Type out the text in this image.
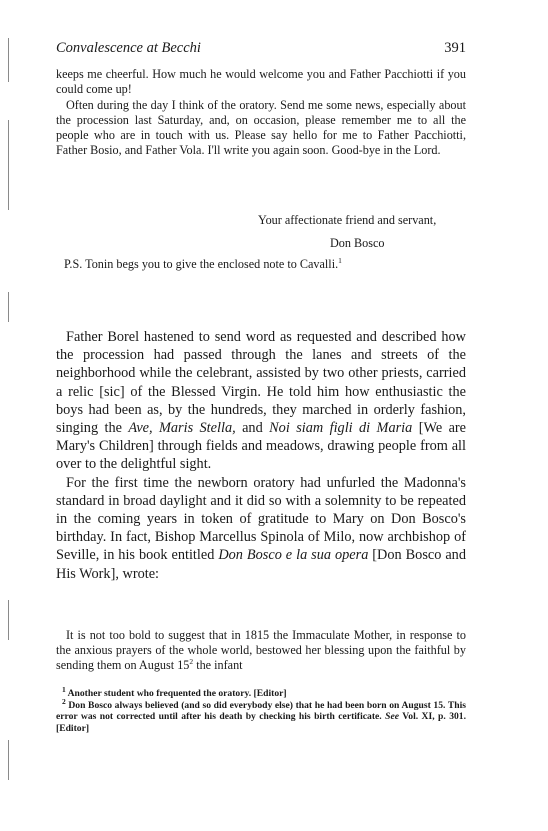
Convalescence at Becchi	391

keeps me cheerful. How much he would welcome you and Father Pacchiotti if you could come up!

Often during the day I think of the oratory. Send me some news, especially about the procession last Saturday, and, on occasion, please remember me to all the people who are in touch with us. Please say hello for me to Father Pacchiotti, Father Bosio, and Father Vola. I'll write you again soon. Good-bye in the Lord.

Your affectionate friend and servant,
Don Bosco
P.S. Tonin begs you to give the enclosed note to Cavalli.$^1$

Father Borel hastened to send word as requested and described how the procession had passed through the lanes and streets of the neighborhood while the celebrant, assisted by two other priests, carried a relic [sic] of the Blessed Virgin. He told him how enthusiastic the boys had been as, by the hundreds, they marched in orderly fashion, singing the Ave, Maris Stella, and Noi siam figli di Maria [We are Mary's Children] through fields and meadows, drawing people from all over to the delightful sight.

For the first time the newborn oratory had unfurled the Madonna's standard in broad daylight and it did so with a solemnity to be repeated in the coming years in token of gratitude to Mary on Don Bosco's birthday. In fact, Bishop Marcellus Spinola of Milo, now archbishop of Seville, in his book entitled Don Bosco e la sua opera [Don Bosco and His Work], wrote:

It is not too bold to suggest that in 1815 the Immaculate Mother, in response to the anxious prayers of the whole world, bestowed her blessing upon the faithful by sending them on August $15^2$ the infant

$^1$ Another student who frequented the oratory. [Editor]

$^2$ Don Bosco always believed (and so did everybody else) that he had been born on August 15. This error was not corrected until after his death by checking his birth certificate. See Vol. XI, p. 301. [Editor]
